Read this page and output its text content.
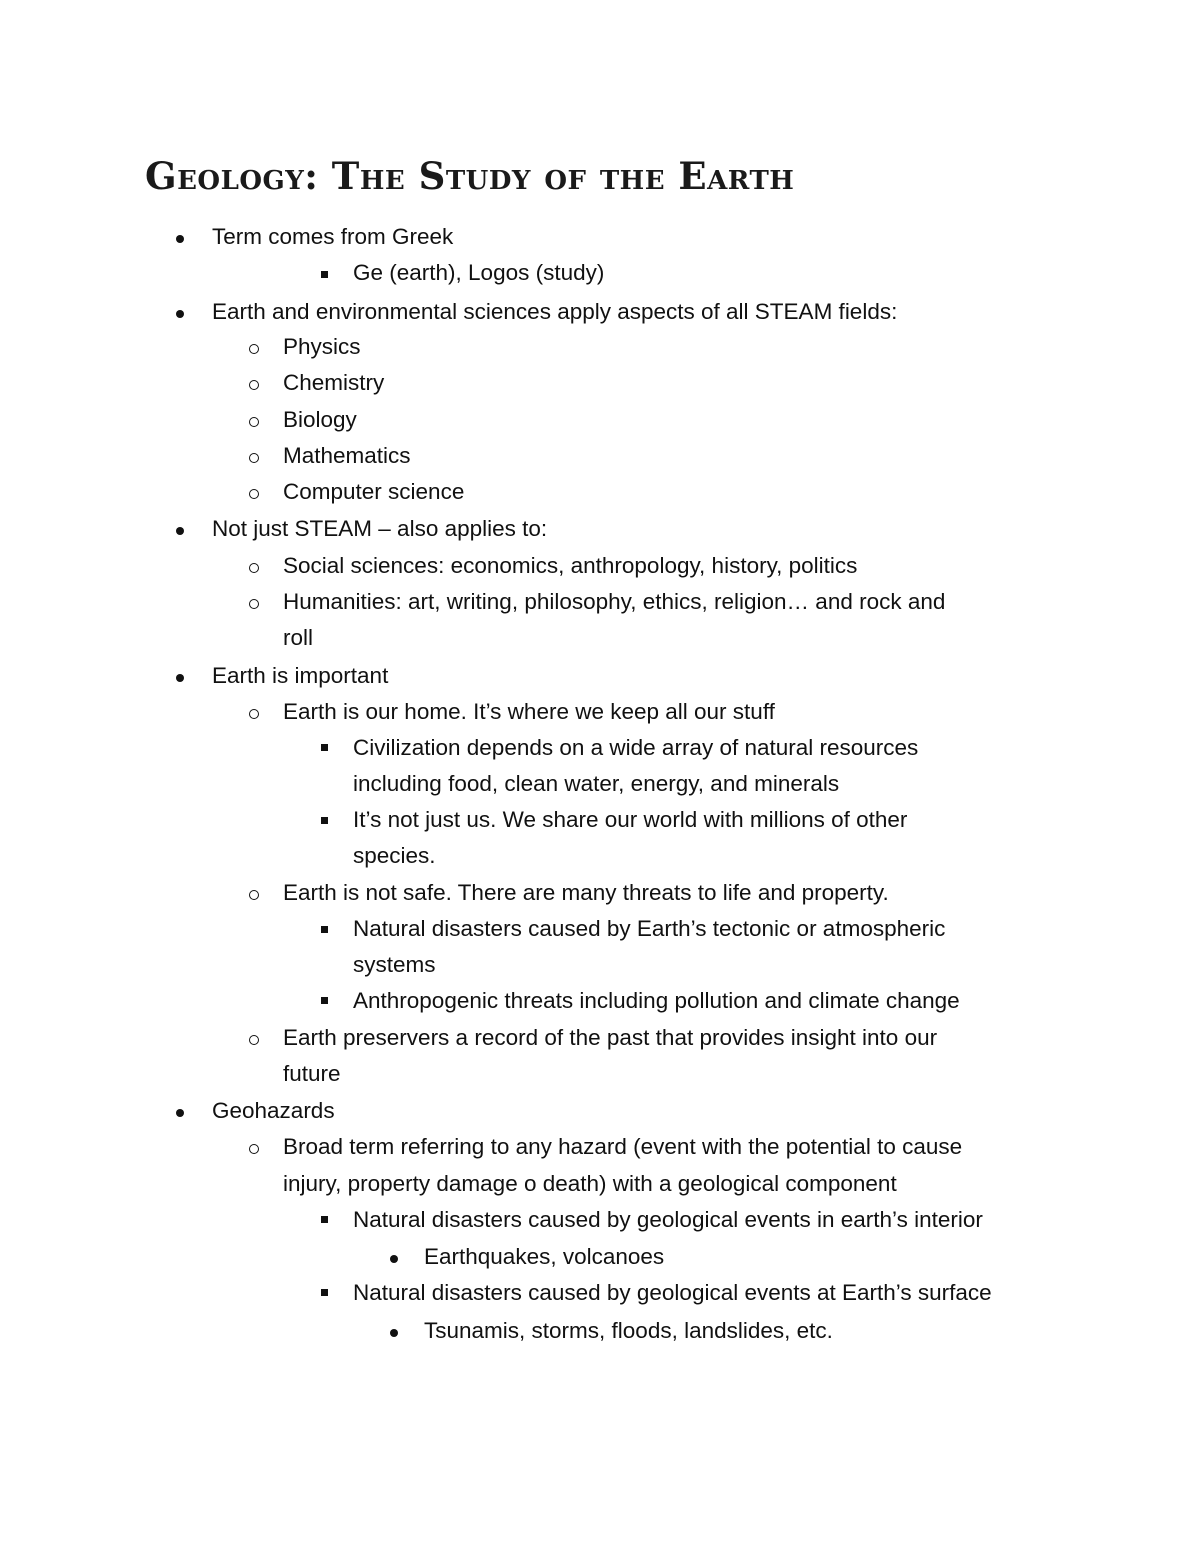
Geology: The Study of the Earth
Term comes from Greek
Ge (earth), Logos (study)
Earth and environmental sciences apply aspects of all STEAM fields:
Physics
Chemistry
Biology
Mathematics
Computer science
Not just STEAM – also applies to:
Social sciences: economics, anthropology, history, politics
Humanities: art, writing, philosophy, ethics, religion… and rock and
roll
Earth is important
Earth is our home. It’s where we keep all our stuff
Civilization depends on a wide array of natural resources
including food, clean water, energy, and minerals
It’s not just us. We share our world with millions of other
species.
Earth is not safe. There are many threats to life and property.
Natural disasters caused by Earth’s tectonic or atmospheric
systems
Anthropogenic threats including pollution and climate change
Earth preservers a record of the past that provides insight into our
future
Geohazards
Broad term referring to any hazard (event with the potential to cause
injury, property damage o death) with a geological component
Natural disasters caused by geological events in earth’s interior
Earthquakes, volcanoes
Natural disasters caused by geological events at Earth’s surface
Tsunamis, storms, floods, landslides, etc.
